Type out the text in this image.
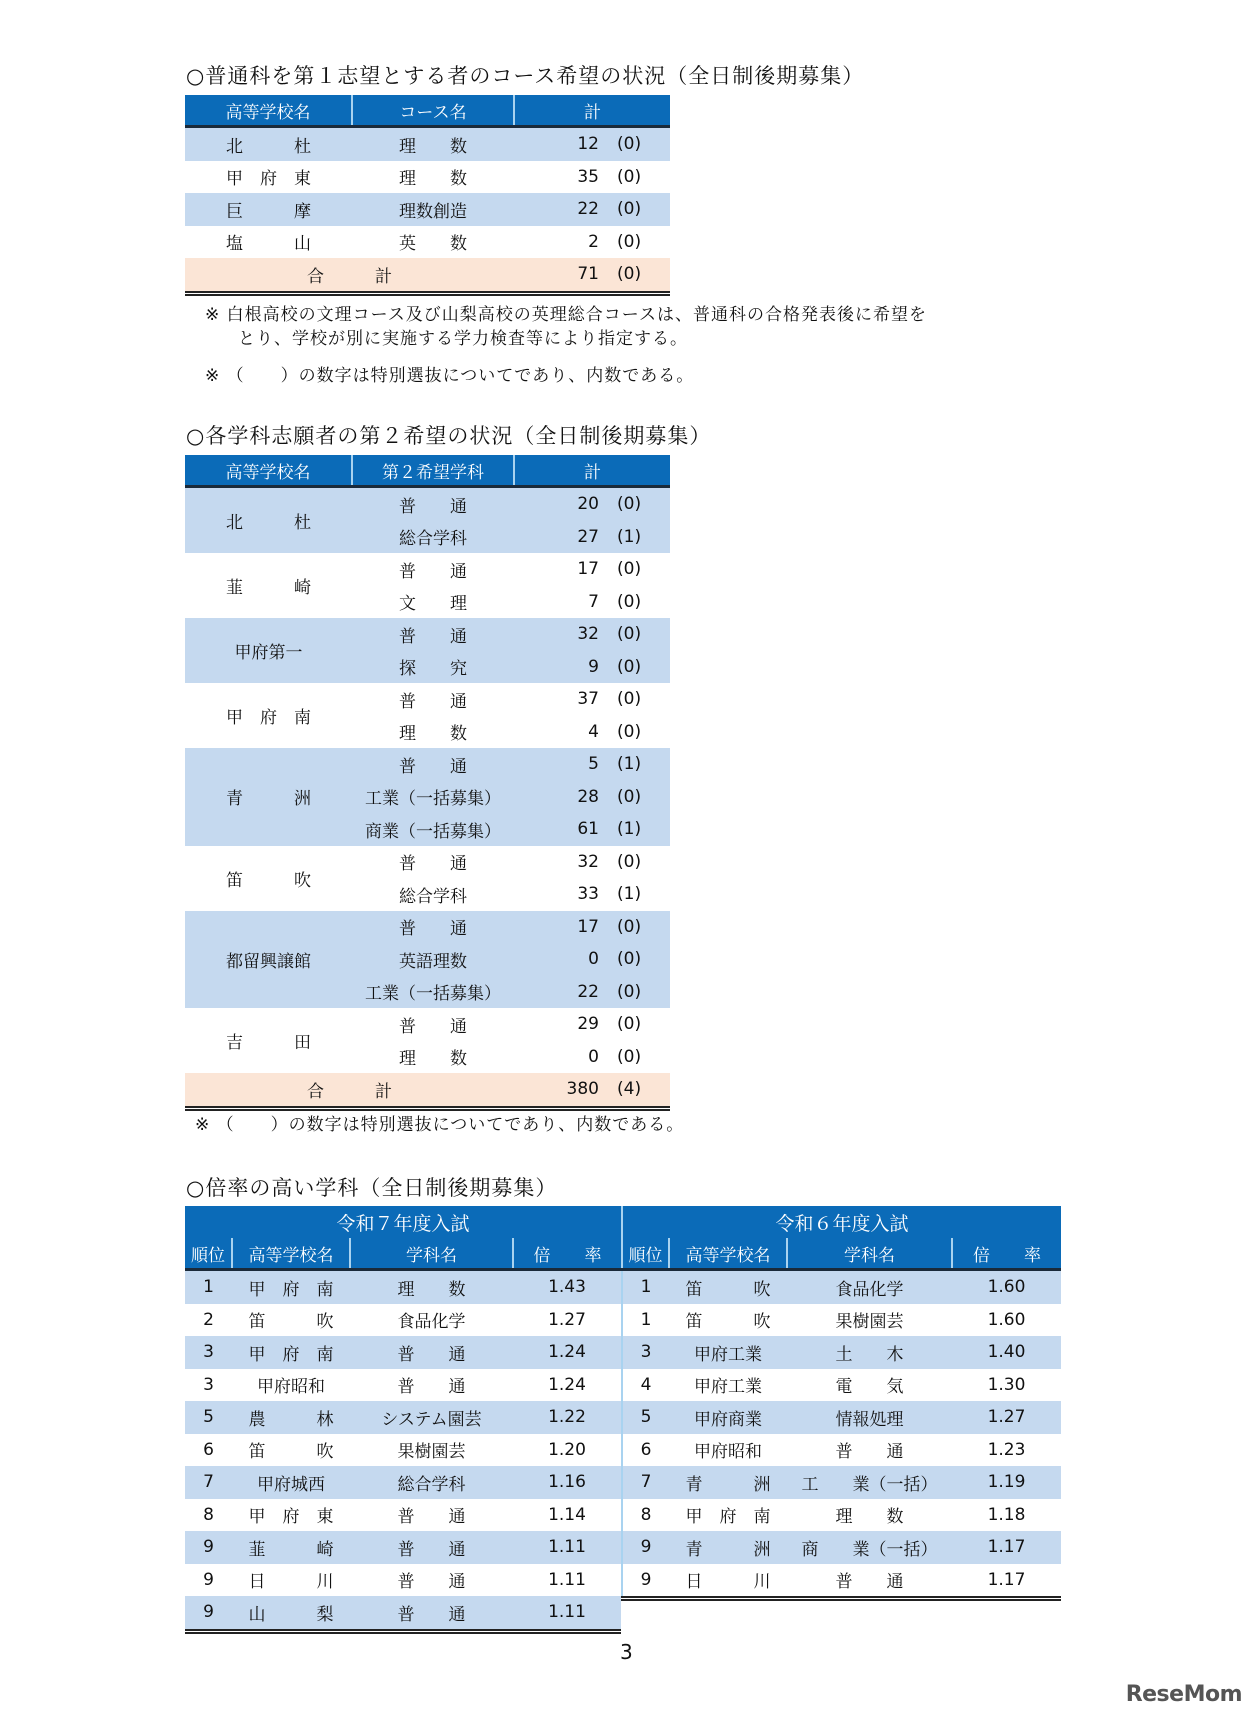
○普通科を第１志望とする者のコース希望の状況（全日制後期募集）
高等学校名	コース名	計	
北　　　杜	理　　数	12	(0)
甲　府　東	理　　数	35	(0)
巨　　　摩	理数創造	22	(0)
塩　　　山	英　　数	2	(0)
合　　　計		71	(0)
※ 白根高校の文理コース及び山梨高校の英理総合コースは、普通科の合格発表後に希望を
とり、学校が別に実施する学力検査等により指定する。
※ （　　）の数字は特別選抜についてであり、内数である。
○各学科志願者の第２希望の状況（全日制後期募集）
高等学校名	第２希望学科	計	
北　　　杜	普　　通	20	(0)
	総合学科	27	(1)
韮　　　崎	普　　通	17	(0)
	文　　理	7	(0)
甲府第一	普　　通	32	(0)
	探　　究	9	(0)
甲　府　南	普　　通	37	(0)
	理　　数	4	(0)
青　　　洲	普　　通	5	(1)
	工業（一括募集）	28	(0)
	商業（一括募集）	61	(1)
笛　　　吹	普　　通	32	(0)
	総合学科	33	(1)
都留興譲館	普　　通	17	(0)
	英語理数	0	(0)
	工業（一括募集）	22	(0)
吉　　　田	普　　通	29	(0)
	理　　数	0	(0)
合　　　計		380	(4)
※ （　　）の数字は特別選抜についてであり、内数である。
○倍率の高い学科（全日制後期募集）
令和７年度入試			
順位	高等学校名	学科名	倍　　率
1	甲　府　南	理　　数	1.43
2	笛　　　吹	食品化学	1.27
3	甲　府　南	普　　通	1.24
3	甲府昭和	普　　通	1.24
5	農　　　林	システム園芸	1.22
6	笛　　　吹	果樹園芸	1.20
7	甲府城西	総合学科	1.16
8	甲　府　東	普　　通	1.14
9	韮　　　崎	普　　通	1.11
9	日　　　川	普　　通	1.11
9	山　　　梨	普　　通	1.11
令和６年度入試			
順位	高等学校名	学科名	倍　　率
1	笛　　　吹	食品化学	1.60
1	笛　　　吹	果樹園芸	1.60
3	甲府工業	土　　木	1.40
4	甲府工業	電　　気	1.30
5	甲府商業	情報処理	1.27
6	甲府昭和	普　　通	1.23
7	青　　　洲	工　　業（一括）	1.19
8	甲　府　南	理　　数	1.18
9	青　　　洲	商　　業（一括）	1.17
9	日　　　川	普　　通	1.17
3
ReseMom
